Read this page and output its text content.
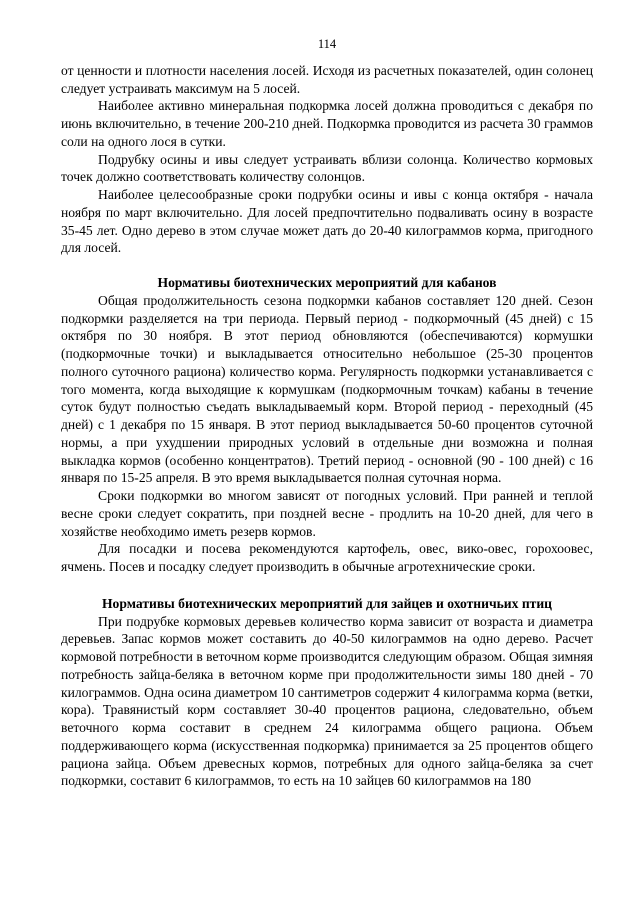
114

от ценности и плотности населения лосей. Исходя из расчетных показателей, один солонец следует устраивать максимум на 5 лосей.

Наиболее активно минеральная подкормка лосей должна проводиться с декабря по июнь включительно, в течение 200-210 дней. Подкормка проводится из расчета 30 граммов соли на одного лося в сутки.

Подрубку осины и ивы следует устраивать вблизи солонца. Количество кормовых точек должно соответствовать количеству солонцов.

Наиболее целесообразные сроки подрубки осины и ивы с конца октября - начала ноября по март включительно. Для лосей предпочтительно подваливать осину в возрасте 35-45 лет. Одно дерево в этом случае может дать до 20-40 килограммов корма, пригодного для лосей.

Нормативы биотехнических мероприятий для кабанов

Общая продолжительность сезона подкормки кабанов составляет 120 дней. Сезон подкормки разделяется на три периода. Первый период - подкормочный (45 дней) с 15 октября по 30 ноября. В этот период обновляются (обеспечиваются) кормушки (подкормочные точки) и выкладывается относительно небольшое (25-30 процентов полного суточного рациона) количество корма. Регулярность подкормки устанавливается с того момента, когда выходящие к кормушкам (подкормочным точкам) кабаны в течение суток будут полностью съедать выкладываемый корм. Второй период - переходный (45 дней) с 1 декабря по 15 января. В этот период выкладывается 50-60 процентов суточной нормы, а при ухудшении природных условий в отдельные дни возможна и полная выкладка кормов (особенно концентратов). Третий период - основной (90 - 100 дней) с 16 января по 15-25 апреля. В это время выкладывается полная суточная норма.

Сроки подкормки во многом зависят от погодных условий. При ранней и теплой весне сроки следует сократить, при поздней весне - продлить на 10-20 дней, для чего в хозяйстве необходимо иметь резерв кормов.

Для посадки и посева рекомендуются картофель, овес, вико-овес, горохоовес, ячмень. Посев и посадку следует производить в обычные агротехнические сроки.

Нормативы биотехнических мероприятий для зайцев и охотничьих птиц

При подрубке кормовых деревьев количество корма зависит от возраста и диаметра деревьев. Запас кормов может составить до 40-50 килограммов на одно дерево. Расчет кормовой потребности в веточном корме производится следующим образом. Общая зимняя потребность зайца-беляка в веточном корме при продолжительности зимы 180 дней - 70 килограммов. Одна осина диаметром 10 сантиметров содержит 4 килограмма корма (ветки, кора). Травянистый корм составляет 30-40 процентов рациона, следовательно, объем веточного корма составит в среднем 24 килограмма общего рациона. Объем поддерживающего корма (искусственная подкормка) принимается за 25 процентов общего рациона зайца. Объем древесных кормов, потребных для одного зайца-беляка за счет подкормки, составит 6 килограммов, то есть на 10 зайцев 60 килограммов на 180
